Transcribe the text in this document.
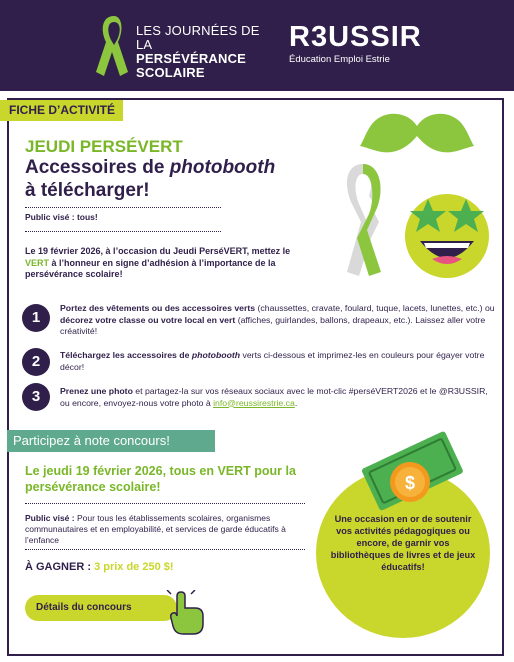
LES JOURNÉES DE LA
PERSÉVÉRANCE
SCOLAIRE
R3USSIR
Éducation Emploi Estrie
FICHE D’ACTIVITÉ
JEUDI PERSÉVERT
Accessoires de photobooth
à télécharger!
Public visé : tous!
Le 19 février 2026, à l’occasion du Jeudi PerséVERT, mettez le VERT à l’honneur en signe d’adhésion à l’importance de la persévérance scolaire!
1
Portez des vêtements ou des accessoires verts (chaussettes, cravate, foulard, tuque, lacets, lunettes, etc.) ou décorez votre classe ou votre local en vert (affiches, guirlandes, ballons, drapeaux, etc.). Laissez aller votre créativité!
2	Téléchargez les accessoires de photobooth verts ci-dessous et imprimez-les en couleurs pour égayer votre décor!
3	Prenez une photo et partagez-la sur vos réseaux sociaux avec le mot-clic #perséVERT2026 et le @R3USSIR, ou encore, envoyez-nous votre photo à info@reussirestrie.ca.
Participez à note concours!
Le jeudi 19 février 2026, tous en VERT pour la persévérance scolaire!
Public visé : Pour tous les établissements scolaires, organismes communautaires et en employabilité, et services de garde éducatifs à l’enfance
À GAGNER : 3 prix de 250 $!
Détails du concours
$
Une occasion en or de soutenir vos activités pédagogiques ou encore, de garnir vos bibliothèques de livres et de jeux éducatifs!
